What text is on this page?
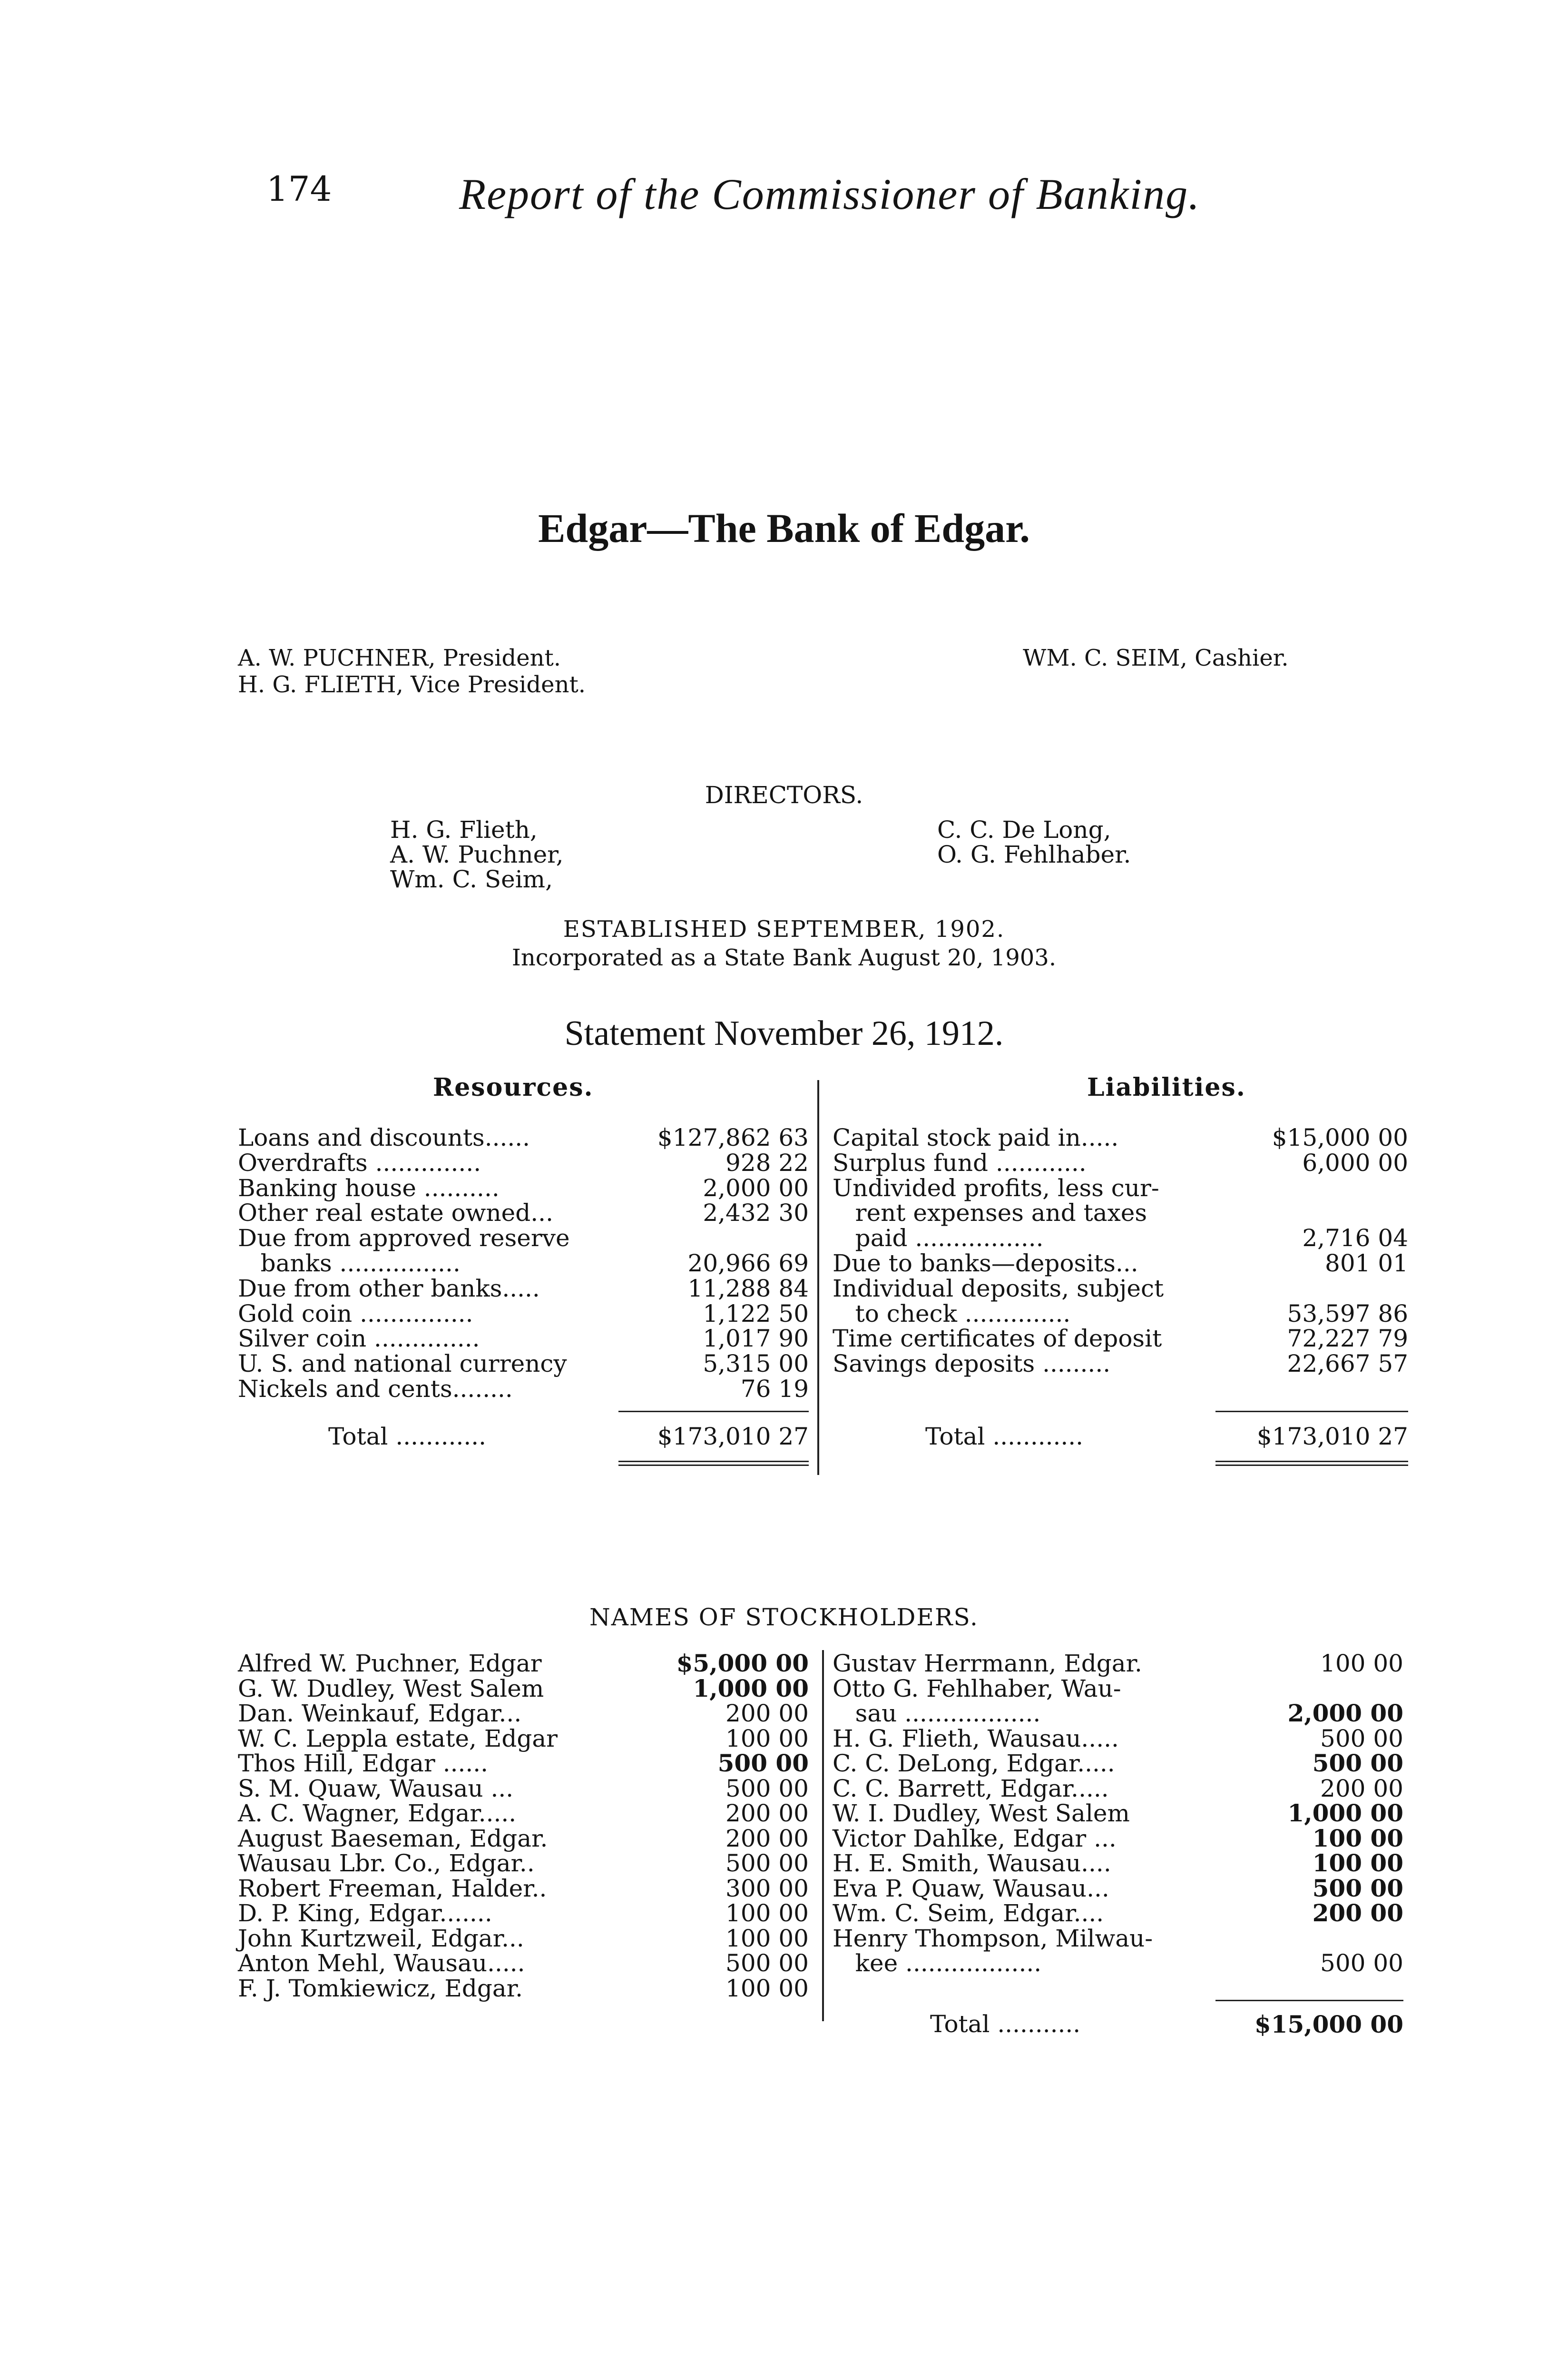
174	Report of the Commissioner of Banking.
Edgar—The Bank of Edgar.
A. W. PUCHNER, President.
H. G. FLIETH, Vice President.
WM. C. SEIM, Cashier.
DIRECTORS.
H. G. Flieth,
A. W. Puchner,
Wm. C. Seim,
C. C. De Long,
O. G. Fehlhaber.
ESTABLISHED SEPTEMBER, 1902.
Incorporated as a State Bank August 20, 1903.
Statement November 26, 1912.
Resources.	Liabilities.
Loans and discounts......	$127,862 63
Overdrafts ..............	928 22
Banking house ..........	2,000 00
Other real estate owned...	2,432 30
Due from approved reserve
banks ................	20,966 69
Due from other banks.....	11,288 84
Gold coin ...............	1,122 50
Silver coin ..............	1,017 90
U. S. and national currency	5,315 00
Nickels and cents........	76 19
Total ............	$173,010 27
Capital stock paid in.....	$15,000 00
Surplus fund ............	6,000 00
Undivided profits, less cur-
rent expenses and taxes
paid .................	2,716 04
Due to banks—deposits...	801 01
Individual deposits, subject
to check ..............	53,597 86
Time certificates of deposit	72,227 79
Savings deposits .........	22,667 57
Total ............	$173,010 27
NAMES OF STOCKHOLDERS.
Alfred W. Puchner, Edgar	$5,000 00
G. W. Dudley, West Salem	1,000 00
Dan. Weinkauf, Edgar...	200 00
W. C. Leppla estate, Edgar	100 00
Thos Hill, Edgar ......	500 00
S. M. Quaw, Wausau ...	500 00
A. C. Wagner, Edgar.....	200 00
August Baeseman, Edgar.	200 00
Wausau Lbr. Co., Edgar..	500 00
Robert Freeman, Halder..	300 00
D. P. King, Edgar.......	100 00
John Kurtzweil, Edgar...	100 00
Anton Mehl, Wausau.....	500 00
F. J. Tomkiewicz, Edgar.	100 00
Gustav Herrmann, Edgar.	100 00
Otto G. Fehlhaber, Wau-
sau ..................	2,000 00
H. G. Flieth, Wausau.....	500 00
C. C. DeLong, Edgar.....	500 00
C. C. Barrett, Edgar.....	200 00
W. I. Dudley, West Salem	1,000 00
Victor Dahlke, Edgar ...	100 00
H. E. Smith, Wausau....	100 00
Eva P. Quaw, Wausau...	500 00
Wm. C. Seim, Edgar....	200 00
Henry Thompson, Milwau-
kee ..................	500 00
Total ...........	$15,000 00
